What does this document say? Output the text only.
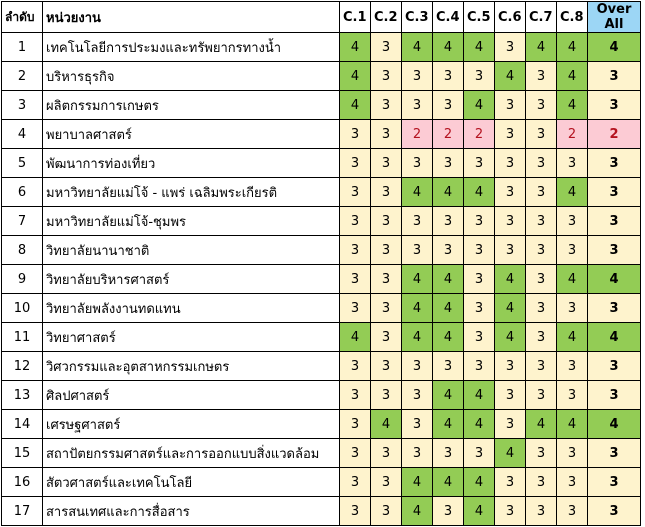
ลำดับ	หน่วยงาน	C.1	C.2	C.3	C.4	C.5	C.6	C.7	C.8	Over All
1	เทคโนโลยีการประมงและทรัพยากรทางน้ำ	4	3	4	4	4	3	4	4	4
2	บริหารธุรกิจ	4	3	3	3	3	4	3	4	3
3	ผลิตกรรมการเกษตร	4	3	3	3	4	3	3	4	3
4	พยาบาลศาสตร์	3	3	2	2	2	3	3	2	2
5	พัฒนาการท่องเที่ยว	3	3	3	3	3	3	3	3	3
6	มหาวิทยาลัยแม่โจ้ - แพร่ เฉลิมพระเกียรติ	3	3	4	4	4	3	3	4	3
7	มหาวิทยาลัยแม่โจ้-ชุมพร	3	3	3	3	3	3	3	3	3
8	วิทยาลัยนานาชาติ	3	3	3	3	3	3	3	3	3
9	วิทยาลัยบริหารศาสตร์	3	3	4	4	3	4	3	4	4
10	วิทยาลัยพลังงานทดแทน	3	3	4	4	3	4	3	3	3
11	วิทยาศาสตร์	4	3	4	4	3	4	3	4	4
12	วิศวกรรมและอุตสาหกรรมเกษตร	3	3	3	3	3	3	3	3	3
13	ศิลปศาสตร์	3	3	3	4	4	3	3	3	3
14	เศรษฐศาสตร์	3	4	3	4	4	3	4	4	4
15	สถาปัตยกรรมศาสตร์และการออกแบบสิ่งแวดล้อม	3	3	3	3	3	4	3	3	3
16	สัตวศาสตร์และเทคโนโลยี	3	3	4	4	4	3	3	3	3
17	สารสนเทศและการสื่อสาร	3	3	4	3	4	3	3	3	3
